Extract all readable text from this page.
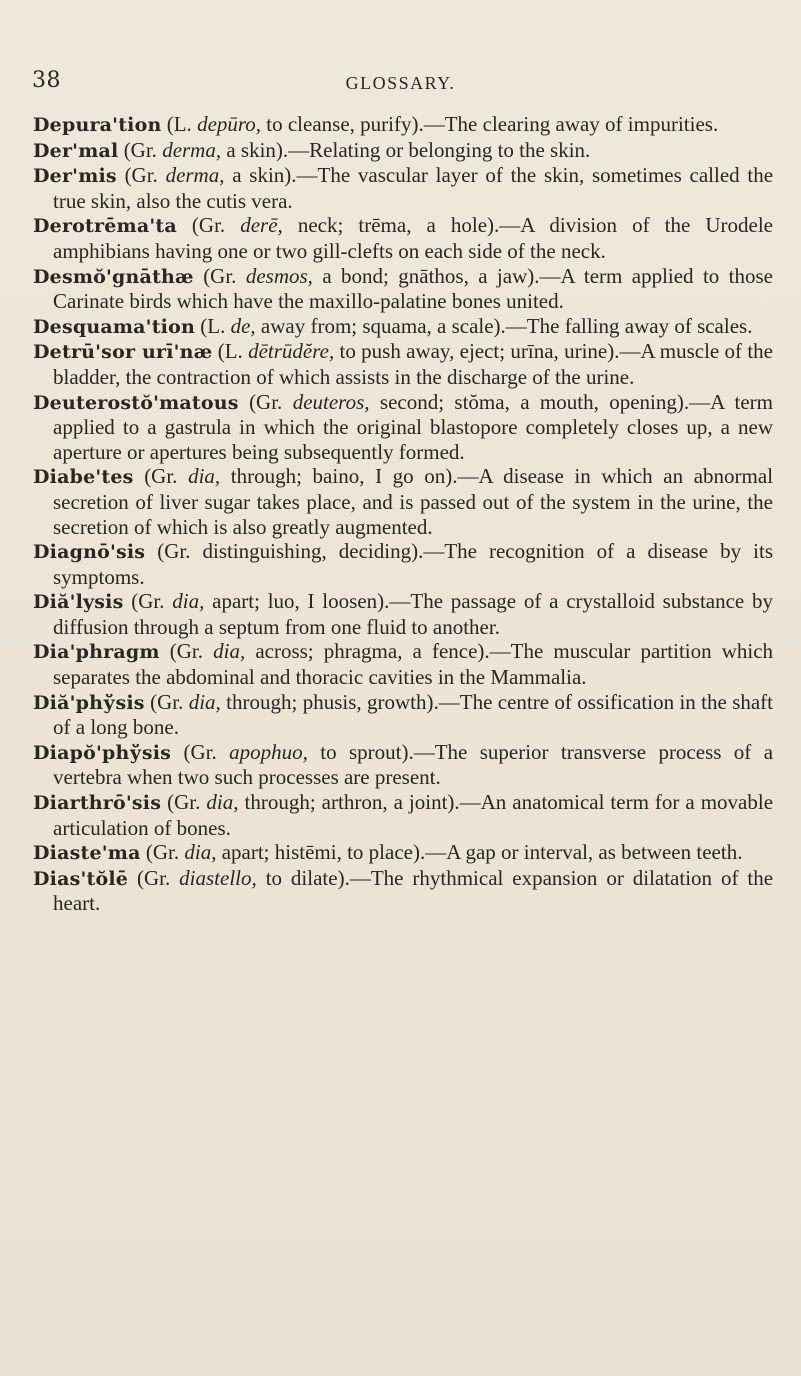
38	GLOSSARY.

Depura'tion (L. depūro, to cleanse, purify).—The clearing away of impurities.

Der'mal (Gr. derma, a skin).—Relating or belonging to the skin.

Der'mis (Gr. derma, a skin).—The vascular layer of the skin, sometimes called the true skin, also the cutis vera.

Derotrēma'ta (Gr. derē, neck; trēma, a hole).—A division of the Urodele amphibians having one or two gill-clefts on each side of the neck.

Desmŏ'gnāthæ (Gr. desmos, a bond; gnāthos, a jaw).—A term applied to those Carinate birds which have the maxillo-palatine bones united.

Desquama'tion (L. de, away from; squama, a scale).—The falling away of scales.

Detrū'sor urī'næ (L. dētrūdĕre, to push away, eject; urīna, urine).—A muscle of the bladder, the contraction of which assists in the discharge of the urine.

Deuterostŏ'matous (Gr. deuteros, second; stŏma, a mouth, opening).—A term applied to a gastrula in which the original blastopore completely closes up, a new aperture or apertures being subsequently formed.

Diabe'tes (Gr. dia, through; baino, I go on).—A disease in which an abnormal secretion of liver sugar takes place, and is passed out of the system in the urine, the secretion of which is also greatly augmented.

Diagnō'sis (Gr. distinguishing, deciding).—The recognition of a disease by its symptoms.

Diă'lysis (Gr. dia, apart; luo, I loosen).—The passage of a crystalloid substance by diffusion through a septum from one fluid to another.

Dia'phragm (Gr. dia, across; phragma, a fence).—The muscular partition which separates the abdominal and thoracic cavities in the Mammalia.

Diă'phўsis (Gr. dia, through; phusis, growth).—The centre of ossification in the shaft of a long bone.

Diapŏ'phўsis (Gr. apophuo, to sprout).—The superior transverse process of a vertebra when two such processes are present.

Diarthrō'sis (Gr. dia, through; arthron, a joint).—An anatomical term for a movable articulation of bones.

Diaste'ma (Gr. dia, apart; histēmi, to place).—A gap or interval, as between teeth.

Dias'tŏlē (Gr. diastello, to dilate).—The rhythmical expansion or dilatation of the heart.
